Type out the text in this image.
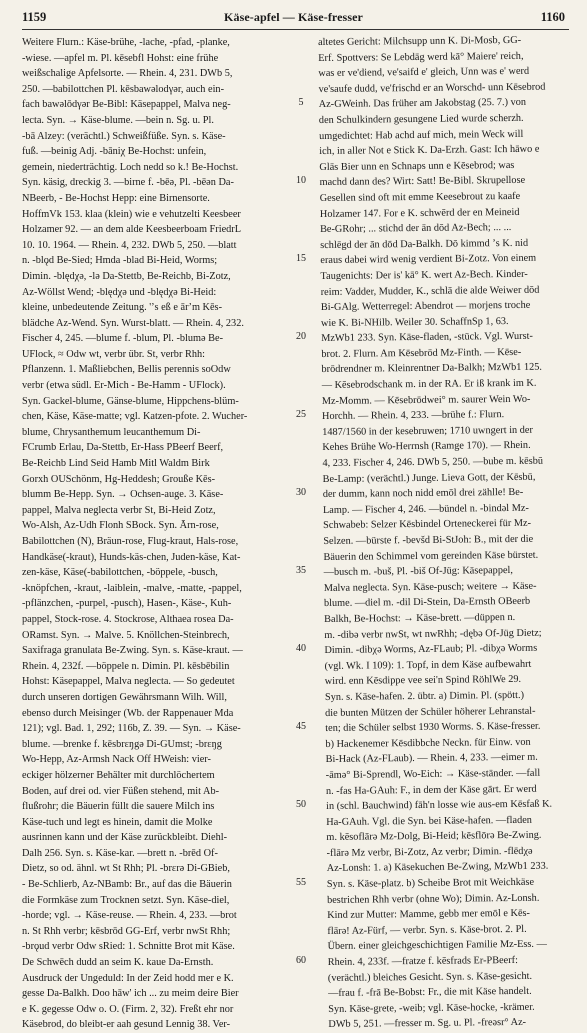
1159	Käse-apfel — Käse-fresser	1160
Weitere Flurn.: Käse-brühe, -lache, -pfad, -planke,
-wiese. —apfel m. Pl. kēsebfl Hohst: eine frühe
weißschalige Apfelsorte. — Rhein. 4, 231. DWb 5,
250. —babilottchen Pl. kēsbawəlodγər, auch ein-
fach bawəlōdγər Be-Bibl: Käsepappel, Malva neg-
lecta. Syn. → Käse-blume. —bein n. Sg. u. Pl.
-bā Alzey: (verächtl.) Schweißfüße. Syn. s. Käse-
fuß. —beinig Adj. -bāniχ Be-Hochst: unfein,
gemein, niederträchtig. Loch nedd so k.! Be-Hochst.
Syn. käsig, dreckig 3. —birne f. -bēə, Pl. -bēən Da-
NBeerb, - Be-Hochst Hepp: eine Birnensorte.
HoffmVk 153. klaa (klein) wie e vehutzelti Keesbeer
Holzamer 92. — an dem alde Keesbeerboam FriedrL
10. 10. 1964. — Rhein. 4, 232. DWb 5, 250. —blatt
n. -blǫd Be-Sied; Hmda -blad Bi-Heid, Worms;
Dimin. -blędχə, -lə Da-Stettb, Be-Reichb, Bi-Zotz,
Az-Wöllst Wend; -blędχə und -blędχə Bi-Heid:
kleine, unbedeutende Zeitung. 'ʼs eß e ārʼm Kēs-
blädche Az-Wend. Syn. Wurst-blatt. — Rhein. 4, 232.
Fischer 4, 245. —blume f. -blum, Pl. -blumə Be-
UFlock, ≈ Odw wt, verbr übr. St, verbr Rhh:
Pflanzenn. 1. Maßliebchen, Bellis perennis soOdw
verbr (etwa südl. Er-Mich - Be-Hamm - UFlock).
Syn. Gackel-blume, Gänse-blume, Hippchens-blüm-
chen, Käse, Käse-matte; vgl. Katzen-pfote. 2. Wucher-
blume, Chrysanthemum leucanthemum Di-
FCrumb Erlau, Da-Stettb, Er-Hass PBeerf Beerf,
Be-Reichb Lind Seid Hamb Mitl Waldm Birk
Gorxh OUSchönm, Hg-Heddesh; Grouße Kēs-
blumm Be-Hepp. Syn. → Ochsen-auge. 3. Käse-
pappel, Malva neglecta verbr St, Bi-Heid Zotz,
Wo-Alsh, Az-Udh Flonh SBock. Syn. Ārn-rose,
Babilottchen (N), Bräun-rose, Flug-kraut, Hals-rose,
Handkäse(-kraut), Hunds-käs-chen, Juden-käse, Kat-
zen-käse, Käse(-babilottchen, -böppele, -busch,
-knöpfchen, -kraut, -laiblein, -malve, -matte, -pappel,
-pflänzchen, -purpel, -pusch), Hasen-, Käse-, Kuh-
pappel, Stock-rose. 4. Stockrose, Althaea rosea Da-
ORamst. Syn. → Malve. 5. Knöllchen-Steinbrech,
Saxifraga granulata Be-Zwing. Syn. s. Käse-kraut. —
Rhein. 4, 232f. —böppele n. Dimin. Pl. kēsbēbilin
Hohst: Käsepappel, Malva neglecta. — So gedeutet
durch unseren dortigen Gewährsmann Wilh. Will,
ebenso durch Meisinger (Wb. der Rappenauer Mda
121); vgl. Bad. 1, 292; 116b, Z. 39. — Syn. → Käse-
blume. —brenke f. kēsbrεŋgə Di-GUmst; -brεŋg
Wo-Hepp, Az-Armsh Nack Off HWeish: vier-
eckiger hölzerner Behälter mit durchlöchertem
Boden, auf drei od. vier Füßen stehend, mit Ab-
flußrohr; die Bäuerin füllt die sauere Milch ins
Käse-tuch und legt es hinein, damit die Molke
ausrinnen kann und der Käse zurückbleibt. Diehl-
Dalh 256. Syn. s. Käse-kar. —brett n. -brēd Of-
Dietz, so od. ähnl. wt St Rhh; Pl. -brεrə Di-GBieb,
- Be-Schlierb, Az-NBamb: Br., auf das die Bäuerin
die Formkäse zum Trocknen setzt. Syn. Käse-diel,
-horde; vgl. → Käse-reuse. — Rhein. 4, 233. —brot
n. St Rhh verbr; kēsbrōd GG-Erf, verbr nwSt Rhh;
-brǫud verbr Odw sRied: 1. Schnitte Brot mit Käse.
De Schwēch dudd an seim K. kaue Da-Ernsth.
Ausdruck der Ungeduld: In der Zeid hodd mer e K.
gesse Da-Balkh. Doo hāw' ich ... zu meim deire Bier
e K. gegesse Odw o. O. (Firm. 2, 32). Freßt ehr nor
Käsebrod, do bleibt-er aah gesund Lennig 38. Ver-
5
10
15
20
25
30
35
40
45
50
55
60
altetes Gericht: Milchsupp unn K. Di-Mosb, GG-
Erf. Spottvers: Se Lebdāg werd kā° Maiere' reich,
was er ve'diend, ve'saifd e' gleich, Unn was e' werd
ve'saufe dudd, ve'frischd er an Worschd- unn Kēsebrod
Az-GWeinh. Das früher am Jakobstag (25. 7.) von
den Schulkindern gesungene Lied wurde scherzh.
umgedichtet: Hab achd auf mich, mein Weck will
ich, in aller Not e Stick K. Da-Erzh. Gast: Ich hāwo e
Glās Bier unn en Schnaps unn e Kēsebrod; was
machd dann des? Wirt: Satt! Be-Bibl. Skrupellose
Gesellen sind oft mit emme Keesebrout zu kaafe
Holzamer 147. For e K. schwērd der en Meineid
Be-GRohr; ... stichd der ān dōd Az-Bech; ... ...
schlēgd der ān dōd Da-Balkh. Dō kimmd ʼs K. nid
eraus dabei wird wenig verdient Bi-Zotz. Von einem
Taugenichts: Der is' kā° K. wert Az-Bech. Kinder-
reim: Vadder, Mudder, K., schlā die alde Weiwer dōd
Bi-GAlg. Wetterregel: Abendrot — morjens troche
wie K. Bi-NHilb. Weiler 30. SchaffnSp 1, 63.
MzWb1 233. Syn. Käse-fladen, -stück. Vgl. Wurst-
brot. 2. Flurn. Am Kēsebrōd Mz-Finth. — Kēse-
brōdrendner m. Kleinrentner Da-Balkh; MzWb1 125.
— Kēsebrodschank m. in der RA. Er iß krank im K.
Mz-Momm. — Kēsebrōdwei° m. saurer Wein Wo-
Horchh. — Rhein. 4, 233. —brühe f.: Flurn.
1487/1560 in der kesebruwen; 1710 uwngert in der
Kehes Brühe Wo-Herrnsh (Ramge 170). — Rhein.
4, 233. Fischer 4, 246. DWb 5, 250. —bube m. kēsbū
Be-Lamp: (verächtl.) Junge. Lieva Gott, der Kēsbū,
der dumm, kann noch nidd emōl drei zählle! Be-
Lamp. — Fischer 4, 246. —bündel n. -bindəl Mz-
Schwabeb: Selzer Kēsbindel Orteneckerei für Mz-
Selzen. —bürste f. -bevšd Bi-StJoh: B., mit der die
Bäuerin den Schimmel vom gereinden Käse bürstet.
—busch m. -buš, Pl. -biš Of-Jüg: Käsepappel,
Malva neglecta. Syn. Käse-pusch; weitere → Käse-
blume. —diel m. -dil Di-Stein, Da-Ernsth OBeerb
Balkh, Be-Hochst: → Käse-brett. —düppen n.
m. -dibə verbr nwSt, wt nwRhh; -dębə Of-Jüg Dietz;
Dimin. -dibχə Worms, Az-FLaub; Pl. -dibχə Worms
(vgl. Wk. I 109): 1. Topf, in dem Käse aufbewahrt
wird. enn Kēsdippe vee sei'n Spind RöhlWe 29.
Syn. s. Käse-hafen. 2. übtr. a) Dimin. Pl. (spött.)
die bunten Mützen der Schüler höherer Lehranstal-
ten; die Schüler selbst 1930 Worms. S. Käse-fresser.
b) Hackenemer Kēsdibbche Neckn. für Einw. von
Bi-Hack (Az-FLaub). — Rhein. 4, 233. —eimer m.
-āmə° Bi-Sprendl, Wo-Eich: → Käse-ständer. —fall
n. -fas Ha-GAuh: F., in dem der Käse gārt. Er werd
in (schl. Bauchwind) fāh'n losse wie aus-em Kēsfaß K.
Ha-GAuh. Vgl. die Syn. bei Käse-hafen. —fladen
m. kēsoflārə Mz-Dolg, Bi-Heid; kēsflōrə Be-Zwing.
-flārə Mz verbr, Bi-Zotz, Az verbr; Dimin. -flēdχə
Az-Lonsh: 1. a) Käsekuchen Be-Zwing, MzWb1 233.
Syn. s. Käse-platz. b) Scheibe Brot mit Weichkäse
bestrichen Rhh verbr (ohne Wo); Dimin. Az-Lonsh.
Kind zur Mutter: Mamme, gebb mer emōl e Kēs-
flārə! Az-Fürf, — verbr. Syn. s. Käse-brot. 2. Pl.
Übern. einer gleichgeschichtigen Familie Mz-Ess. —
Rhein. 4, 233f. —fratze f. kēsfrads Er-PBeerf:
(verächtl.) bleiches Gesicht. Syn. s. Käse-gesicht.
—frau f. -frā Be-Bobst: Fr., die mit Käse handelt.
Syn. Käse-grete, -weib; vgl. Käse-hocke, -krämer.
DWb 5, 251. —fresser m. Sg. u. Pl. -freəsr° Az-
